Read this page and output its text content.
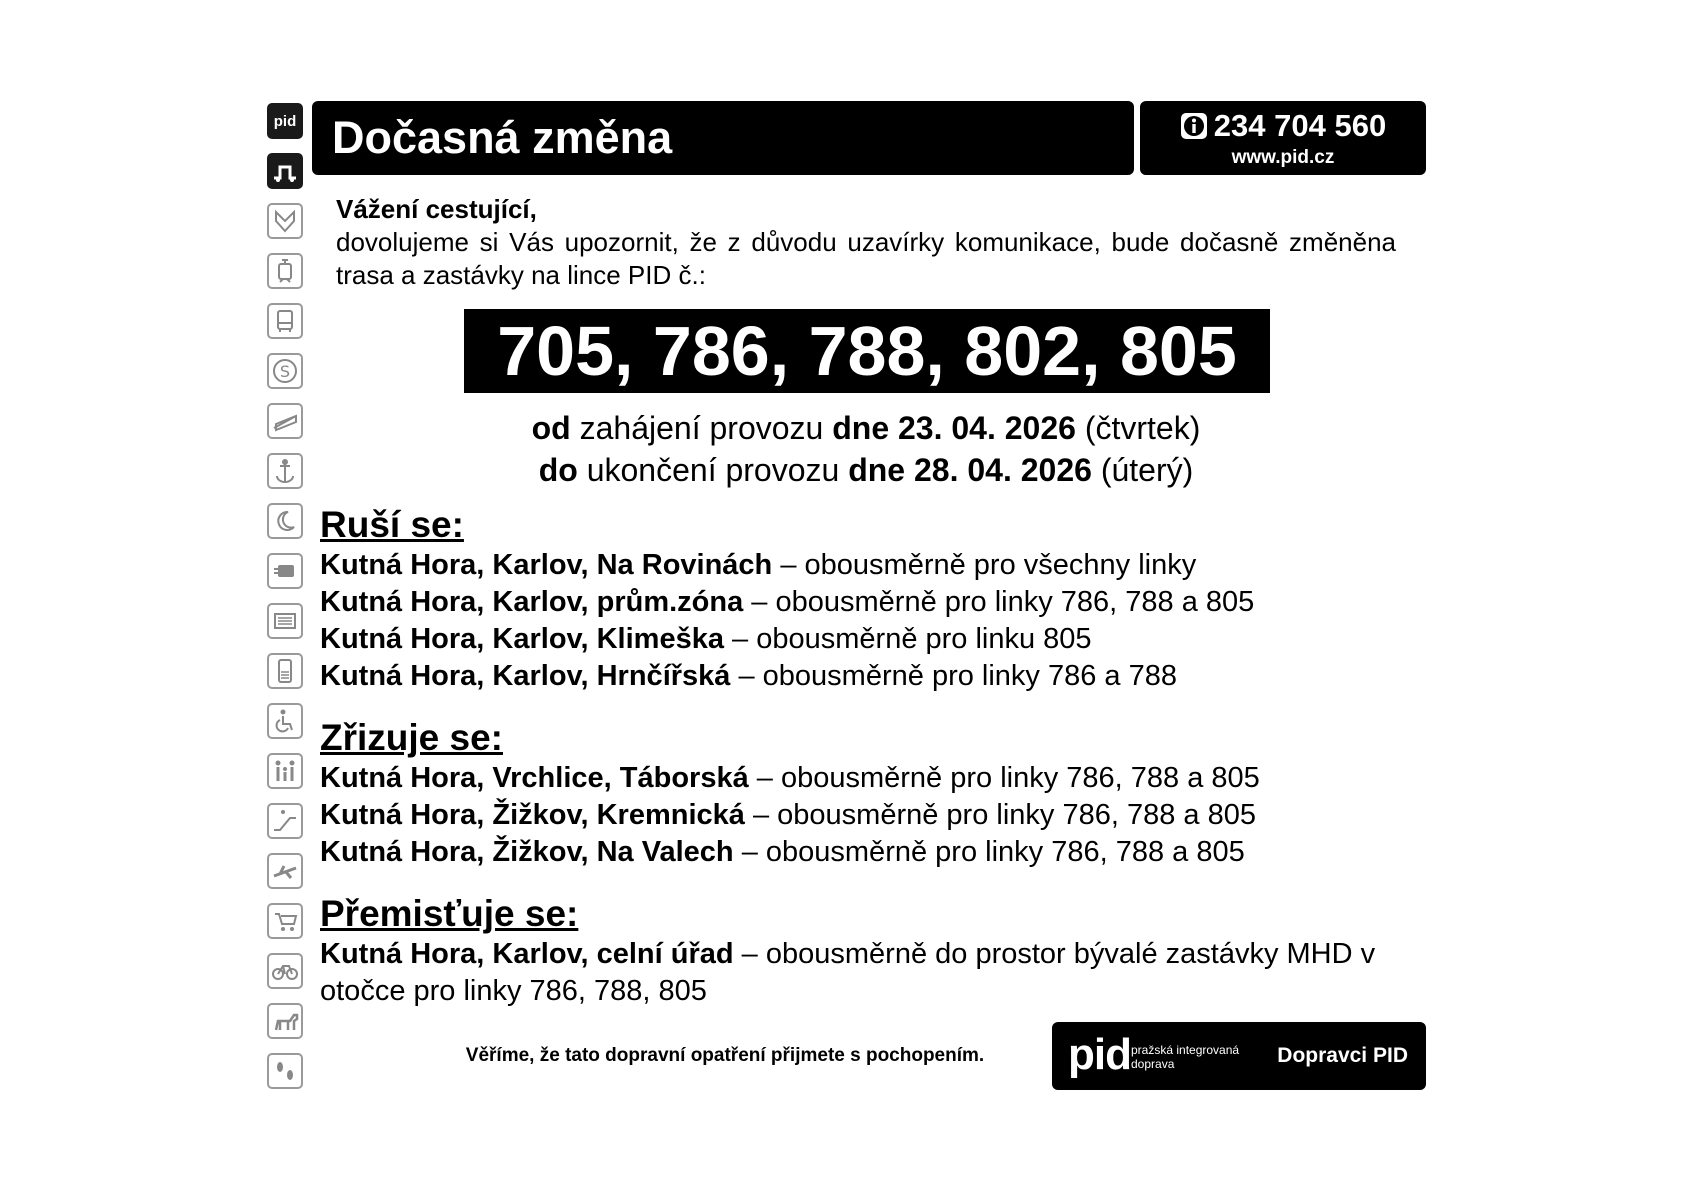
pid
S
Dočasná změna	234 704 560
www.pid.cz
Vážení cestující,
dovolujeme si Vás upozornit, že z důvodu uzavírky komunikace, bude dočasně změněna trasa a zastávky na lince PID č.:
705, 786, 788, 802, 805
od zahájení provozu dne 23. 04. 2026 (čtvrtek)
do ukončení provozu dne 28. 04. 2026 (úterý)
Ruší se:
Kutná Hora, Karlov, Na Rovinách – obousměrně pro všechny linky
Kutná Hora, Karlov, prům.zóna – obousměrně pro linky 786, 788 a 805
Kutná Hora, Karlov, Klimeška – obousměrně pro linku 805
Kutná Hora, Karlov, Hrnčířská – obousměrně pro linky 786 a 788
Zřizuje se:
Kutná Hora, Vrchlice, Táborská – obousměrně pro linky 786, 788 a 805
Kutná Hora, Žižkov, Kremnická – obousměrně pro linky 786, 788 a 805
Kutná Hora, Žižkov, Na Valech – obousměrně pro linky 786, 788 a 805
Přemisťuje se:
Kutná Hora, Karlov, celní úřad – obousměrně do prostor bývalé zastávky MHD v otočce pro linky 786, 788, 805
Věříme, že tato dopravní opatření přijmete s pochopením.	pid pražská integrovaná
doprava	Dopravci PID
